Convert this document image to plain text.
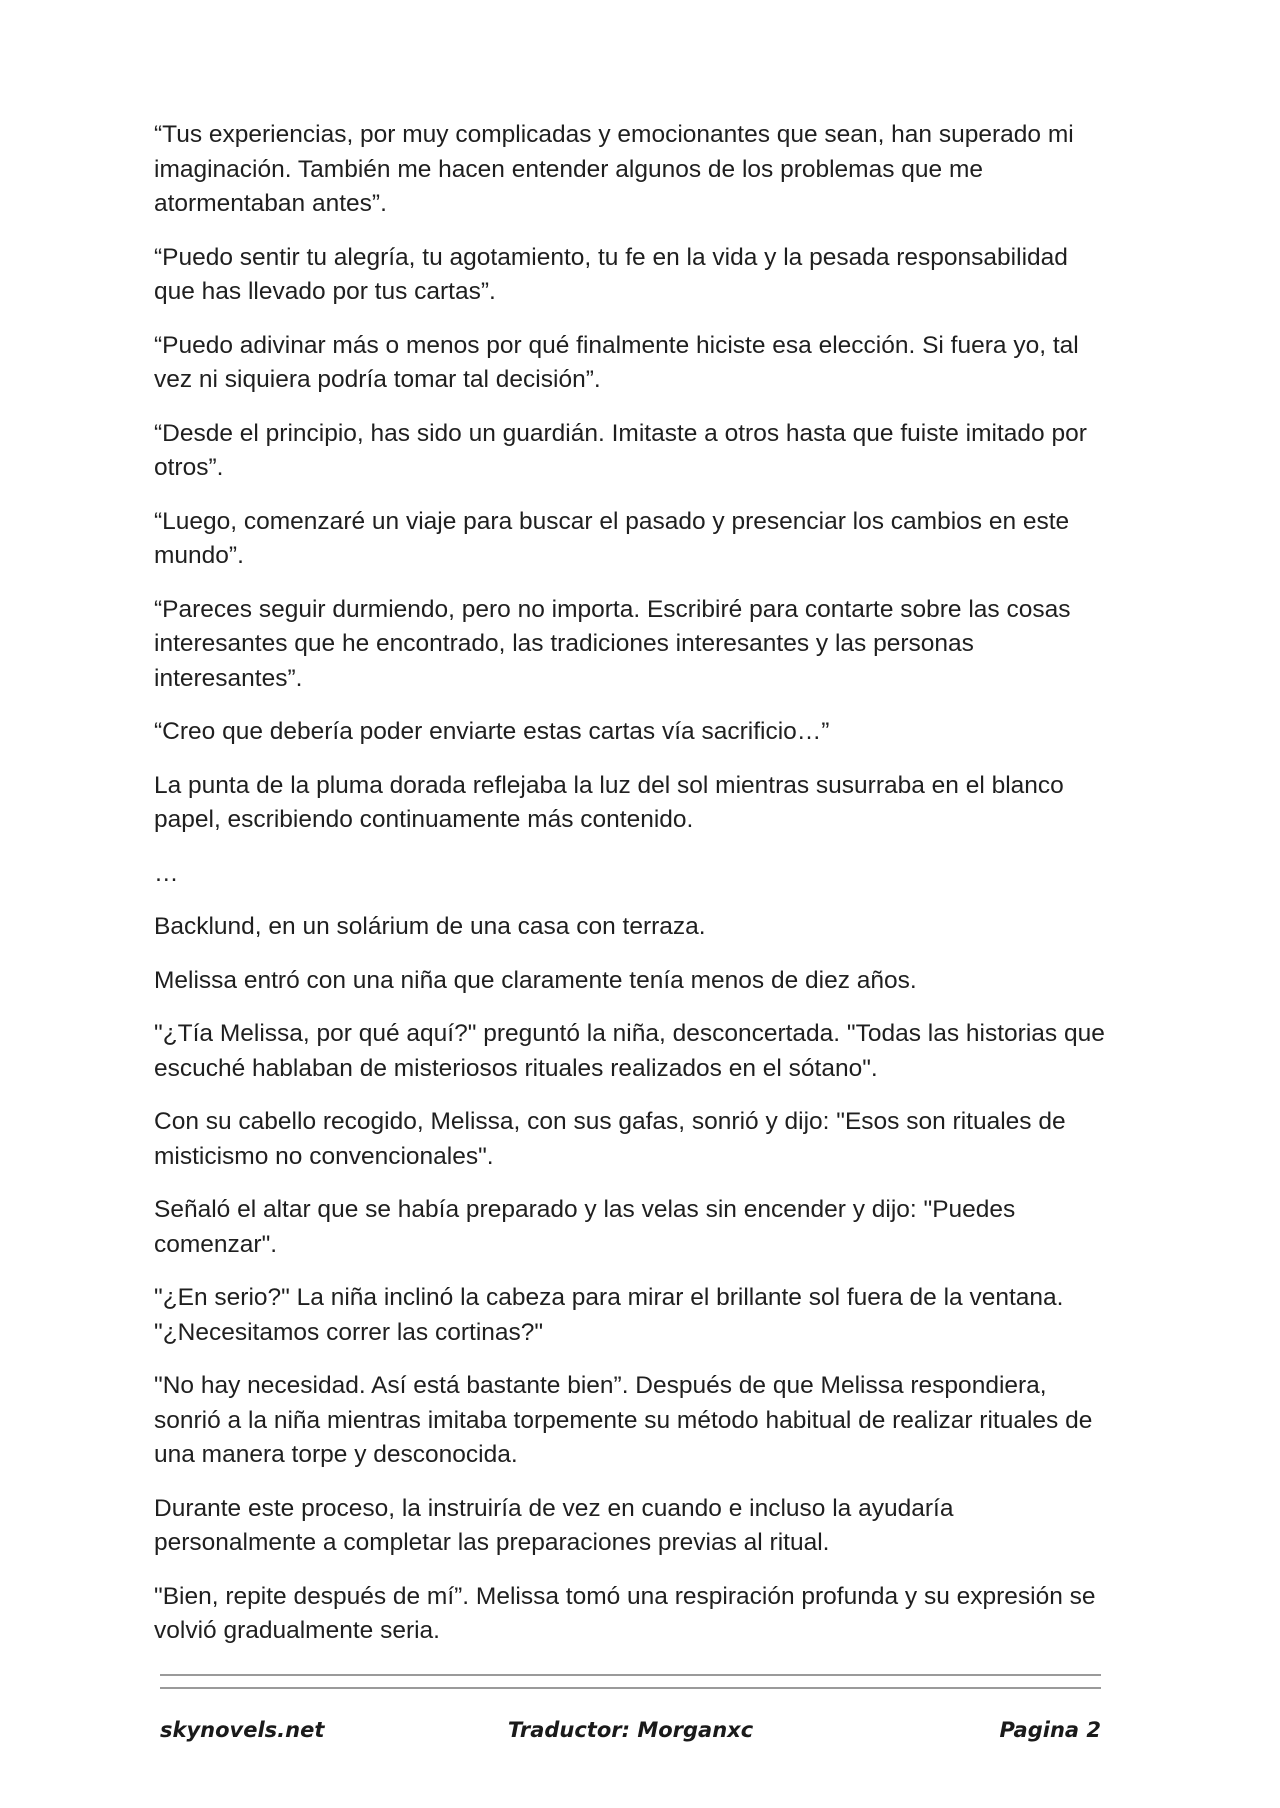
“Tus experiencias, por muy complicadas y emocionantes que sean, han superado mi imaginación. También me hacen entender algunos de los problemas que me atormentaban antes”.

“Puedo sentir tu alegría, tu agotamiento, tu fe en la vida y la pesada responsabilidad que has llevado por tus cartas”.

“Puedo adivinar más o menos por qué finalmente hiciste esa elección. Si fuera yo, tal vez ni siquiera podría tomar tal decisión”.

“Desde el principio, has sido un guardián. Imitaste a otros hasta que fuiste imitado por otros”.

“Luego, comenzaré un viaje para buscar el pasado y presenciar los cambios en este mundo”.

“Pareces seguir durmiendo, pero no importa. Escribiré para contarte sobre las cosas interesantes que he encontrado, las tradiciones interesantes y las personas interesantes”.

“Creo que debería poder enviarte estas cartas vía sacrificio…”

La punta de la pluma dorada reflejaba la luz del sol mientras susurraba en el blanco papel, escribiendo continuamente más contenido.

…

Backlund, en un solárium de una casa con terraza.

Melissa entró con una niña que claramente tenía menos de diez años.

"¿Tía Melissa, por qué aquí?" preguntó la niña, desconcertada. "Todas las historias que escuché hablaban de misteriosos rituales realizados en el sótano".

Con su cabello recogido, Melissa, con sus gafas, sonrió y dijo: "Esos son rituales de misticismo no convencionales".

Señaló el altar que se había preparado y las velas sin encender y dijo: "Puedes comenzar".

"¿En serio?" La niña inclinó la cabeza para mirar el brillante sol fuera de la ventana. "¿Necesitamos correr las cortinas?"

"No hay necesidad. Así está bastante bien”. Después de que Melissa respondiera, sonrió a la niña mientras imitaba torpemente su método habitual de realizar rituales de una manera torpe y desconocida.

Durante este proceso, la instruiría de vez en cuando e incluso la ayudaría personalmente a completar las preparaciones previas al ritual.

"Bien, repite después de mí”. Melissa tomó una respiración profunda y su expresión se volvió gradualmente seria.

Traductor: Morganxc
skynovels.net	Pagina 2
